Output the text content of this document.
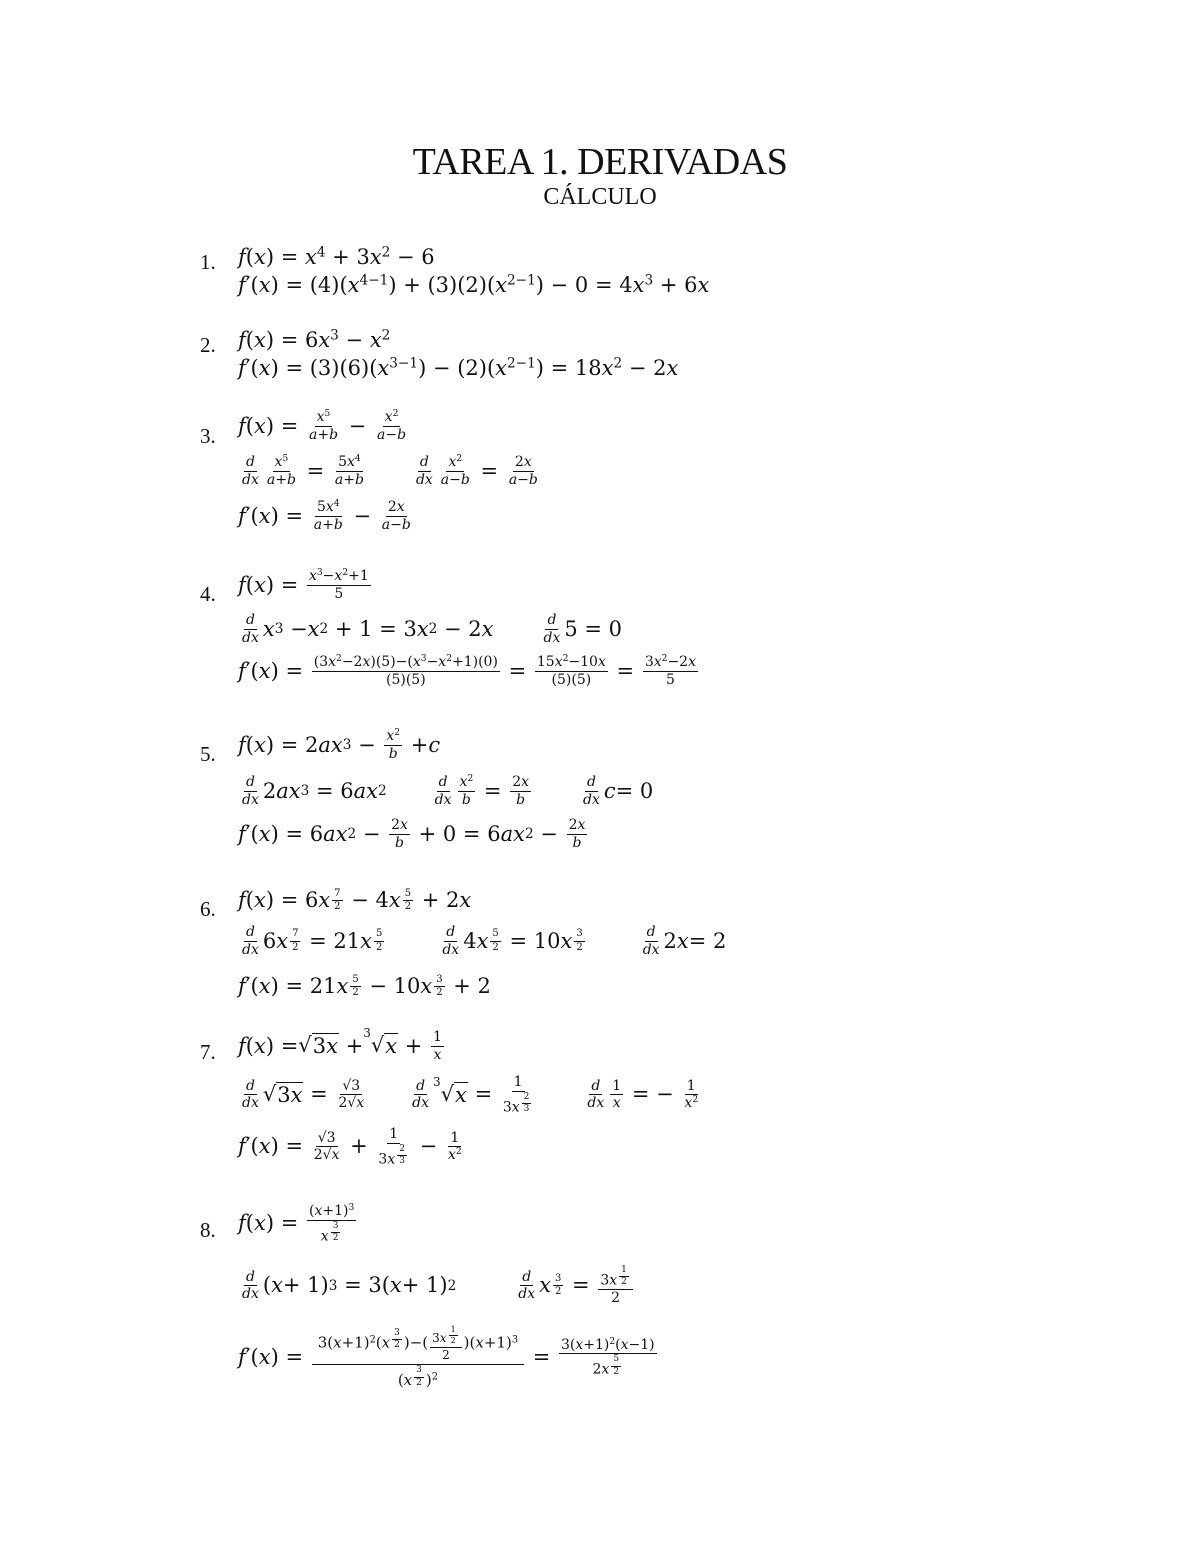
TAREA 1. DERIVADAS
CÁLCULO
1. $f(x) = x^4 + 3x^2 - 6$
$f'(x) = (4)(x^{4-1}) + (3)(2)(x^{2-1}) - 0 = 4x^3 + 6x$
2. $f(x) = 6x^3 - x^2$
$f'(x) = (3)(6)(x^{3-1}) - (2)(x^{2-1}) = 18x^2 - 2x$
3. f ( x ) = $\frac{x^5}{a+b} - \frac{x^2}{a-b}$
$\frac{d}{dx} \frac{x^5}{a+b} = \frac{5x^4}{a+b}$	$\frac{d}{dx} \frac{x^2}{a-b} = \frac{2x}{a-b}$
f ′( x ) = $\frac{5x^4}{a+b} - \frac{2x}{a-b}$
4. f ( x ) = $\frac{x^3-x^2+1}{5}$
$\frac{d}{dx}$ x 3 − x 2 + 1 = 3 x 2 − 2 x	$\frac{d}{dx} 5 = 0$
f ′( x ) = $\frac{(3x^2-2x)(5)-(x^3-x^2+1)(0)}{(5)(5)} = \frac{15x^2-10x}{(5)(5)} = \frac{3x^2-2x}{5}$
5. f ( x ) = 2 ax $3 - \frac{x^2}{b} + c$
$\frac{d}{dx} 2$ ax 3 = 6 ax 2	$\frac{d}{dx} \frac{x^2}{b} = \frac{2x}{b}$	$\frac{d}{dx}$ c = 0
f ′( x ) = 6 ax $2 - \frac{2x}{b} + 0 = 6$ ax $2 - \frac{2x}{b}$
6. f ( x ) = 6 x $\frac{7}{2} - 4$ x $\frac{5}{2} + 2$ x
$\frac{d}{dx} 6$ x $\frac{7}{2} = 21$ x $\frac{5}{2}$	$\frac{d}{dx} 4$ x $\frac{5}{2} = 10$ x $\frac{3}{2}$	$\frac{d}{dx} 2$ x = 2
f ′( x ) = 21 x $\frac{5}{2} - 10$ x $\frac{3}{2} + 2$
7. f ( x ) = √ 3x +
3 √ $x + \frac{1}{x}$
$\frac{d}{dx}$ √ $3x = \frac{√3}{2√x}$	$\frac{d}{dx} 3$ √ x = 1
3x $^{\frac{2}{3}}$	$\frac{d}{dx} \frac{1}{x}$ = − $\frac{1}{x^2}$
f ′( x ) = $\frac{√3}{2√x} + 1$
3x $^{\frac{2}{3}} - \frac{1}{x^2}$
8. f ( x ) = $(x+1)^3$
x $^{\frac{3}{2}}$
$\frac{d}{dx}$ ( x + 1) 3 = 3( x + 1) 2	$\frac{d}{dx}$ x $\frac{3}{2} = 3x$ $^{\frac{1}{2}}$
2
f ′( x ) = $3(x+1)^2(x$ $^{\frac{3}{2}}$ )−( 3x $^{\frac{1}{2}}$
2 )$(x+1)^3$
(x $^{\frac{3}{2}}$ )$^2 = 3(x+1)^2(x-1)$
2x $^{\frac{5}{2}}$
